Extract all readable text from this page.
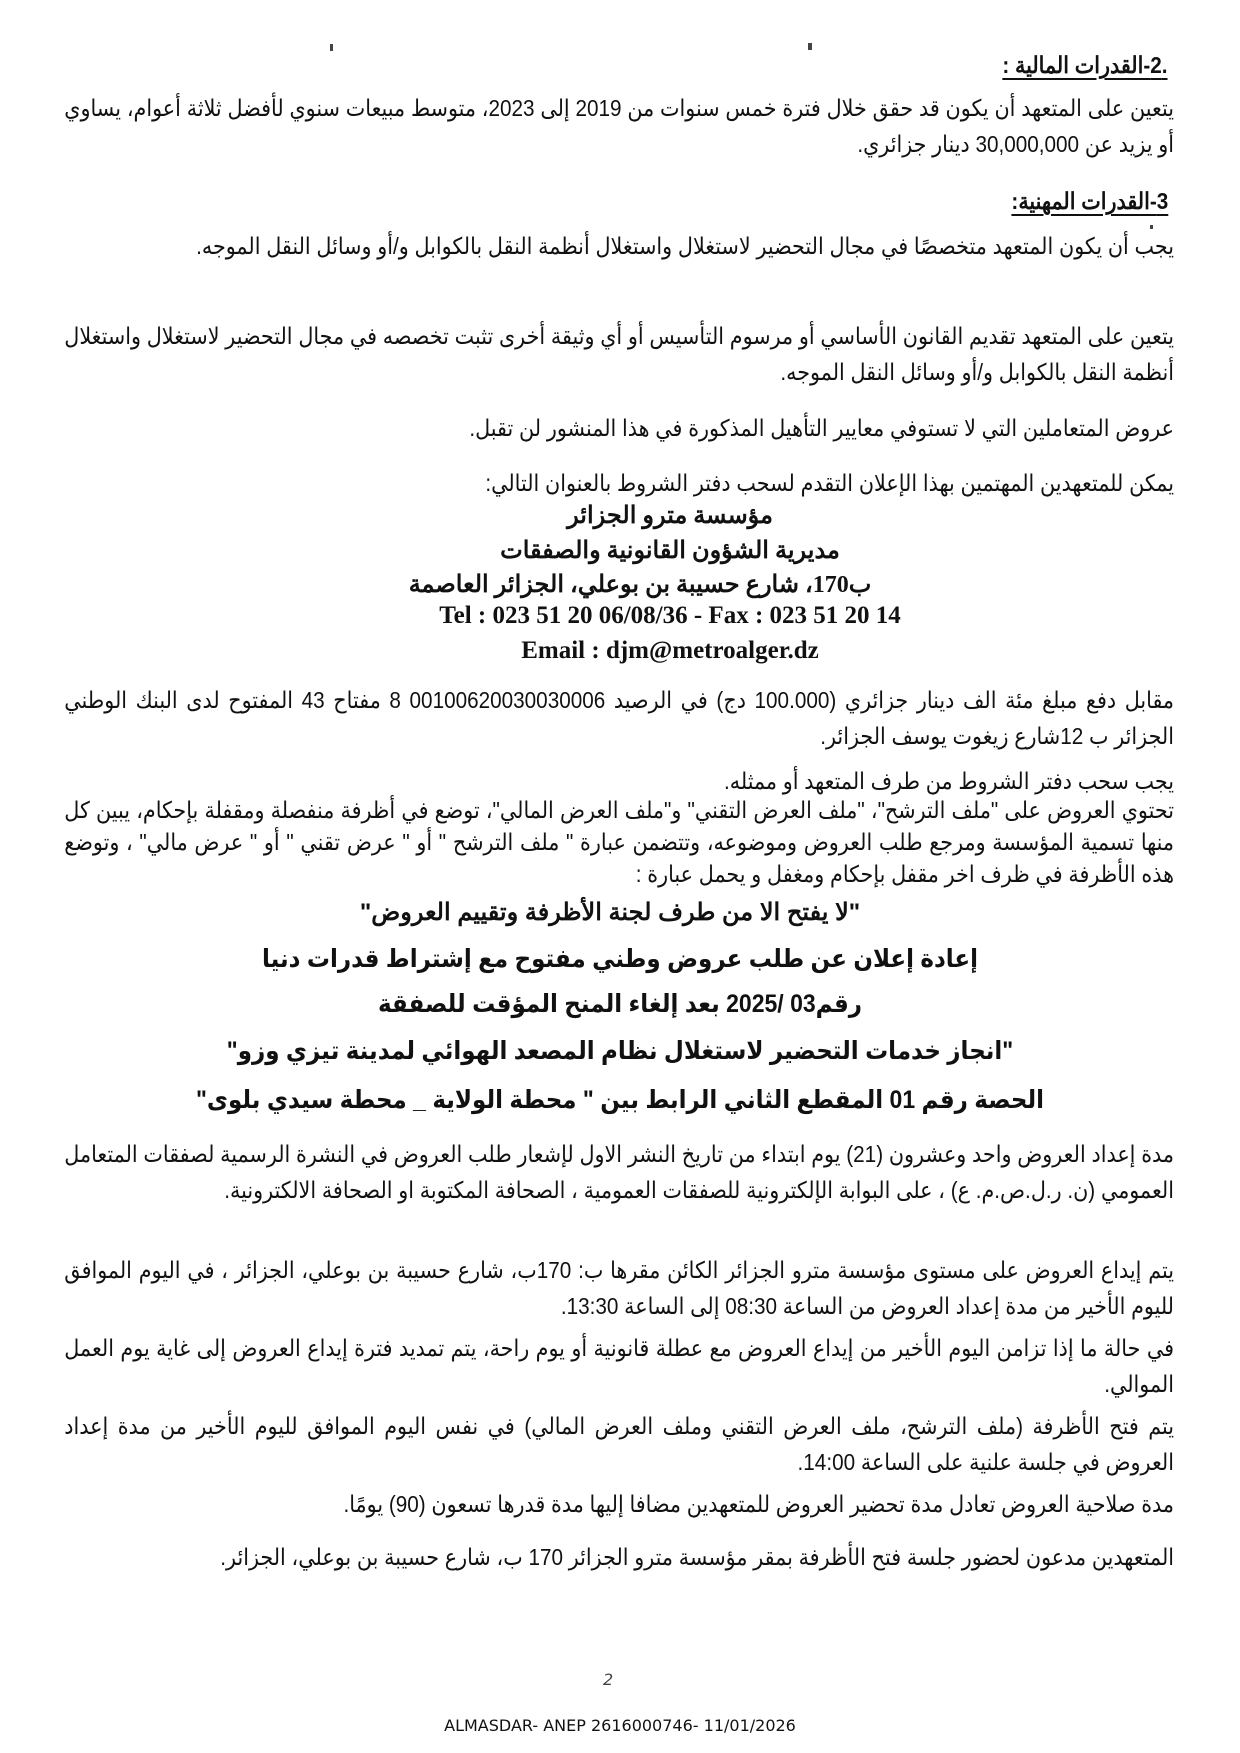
.2-القدرات المالية :
يتعين على المتعهد أن يكون قد حقق خلال فترة خمس سنوات من 2019 إلى 2023، متوسط مبيعات سنوي لأفضل ثلاثة أعوام، يساوي أو يزيد عن 30,000,000 دينار جزائري.
3-القدرات المهنية:
يجب أن يكون المتعهد متخصصًا في مجال التحضير لاستغلال واستغلال أنظمة النقل بالكوابل و/أو وسائل النقل الموجه.
يتعين على المتعهد تقديم القانون الأساسي أو مرسوم التأسيس أو أي وثيقة أخرى تثبت تخصصه في مجال التحضير لاستغلال واستغلال أنظمة النقل بالكوابل و/أو وسائل النقل الموجه.
عروض المتعاملين التي لا تستوفي معايير التأهيل المذكورة في هذا المنشور لن تقبل.
يمكن للمتعهدين المهتمين بهذا الإعلان التقدم لسحب دفتر الشروط بالعنوان التالي:
مؤسسة مترو الجزائر
مديرية الشؤون القانونية والصفقات
ب170، شارع حسيبة بن بوعلي، الجزائر العاصمة
Tel : 023 51 20 06/08/36 - Fax : 023 51 20 14
Email : djm@metroalger.dz
مقابل دفع مبلغ مئة الف دينار جزائري (100.000 دج) في الرصيد 00100620030030006 8 مفتاح 43 المفتوح لدى البنك الوطني الجزائر ب 12شارع زيغوت يوسف الجزائر.
يجب سحب دفتر الشروط من طرف المتعهد أو ممثله.
تحتوي العروض على "ملف الترشح"، "ملف العرض التقني" و"ملف العرض المالي"، توضع في أظرفة منفصلة ومقفلة بإحكام، يبين كل منها تسمية المؤسسة ومرجع طلب العروض وموضوعه، وتتضمن عبارة " ملف الترشح " أو " عرض تقني " أو " عرض مالي" ، وتوضع هذه الأظرفة في ظرف اخر مقفل بإحكام ومغفل و يحمل عبارة :
"لا يفتح الا من طرف لجنة الأظرفة وتقييم العروض"
إعادة إعلان عن طلب عروض وطني مفتوح مع إشتراط قدرات دنيا
رقم03 /2025 بعد إلغاء المنح المؤقت للصفقة
"انجاز خدمات التحضير لاستغلال نظام المصعد الهوائي لمدينة تيزي وزو"
الحصة رقم 01 المقطع الثاني الرابط بين " محطة الولاية _ محطة سيدي بلوى"
مدة إعداد العروض واحد وعشرون (21) يوم ابتداء من تاريخ النشر الاول لإشعار طلب العروض في النشرة الرسمية لصفقات المتعامل العمومي (ن. ر.ل.ص.م. ع) ، على البوابة الإلكترونية للصفقات العمومية ، الصحافة المكتوبة او الصحافة الالكترونية.
يتم إيداع العروض على مستوى مؤسسة مترو الجزائر الكائن مقرها ب: 170ب، شارع حسيبة بن بوعلي، الجزائر ، في اليوم الموافق لليوم الأخير من مدة إعداد العروض من الساعة 08:30 إلى الساعة 13:30.
في حالة ما إذا تزامن اليوم الأخير من إيداع العروض مع عطلة قانونية أو يوم راحة، يتم تمديد فترة إيداع العروض إلى غاية يوم العمل الموالي.
يتم فتح الأظرفة (ملف الترشح، ملف العرض التقني وملف العرض المالي) في نفس اليوم الموافق لليوم الأخير من مدة إعداد العروض في جلسة علنية على الساعة 14:00.
مدة صلاحية العروض تعادل مدة تحضير العروض للمتعهدين مضافا إليها مدة قدرها تسعون (90) يومًا.
المتعهدين مدعون لحضور جلسة فتح الأظرفة بمقر مؤسسة مترو الجزائر 170 ب، شارع حسيبة بن بوعلي، الجزائر.
2
ALMASDAR- ANEP 2616000746- 11/01/2026
